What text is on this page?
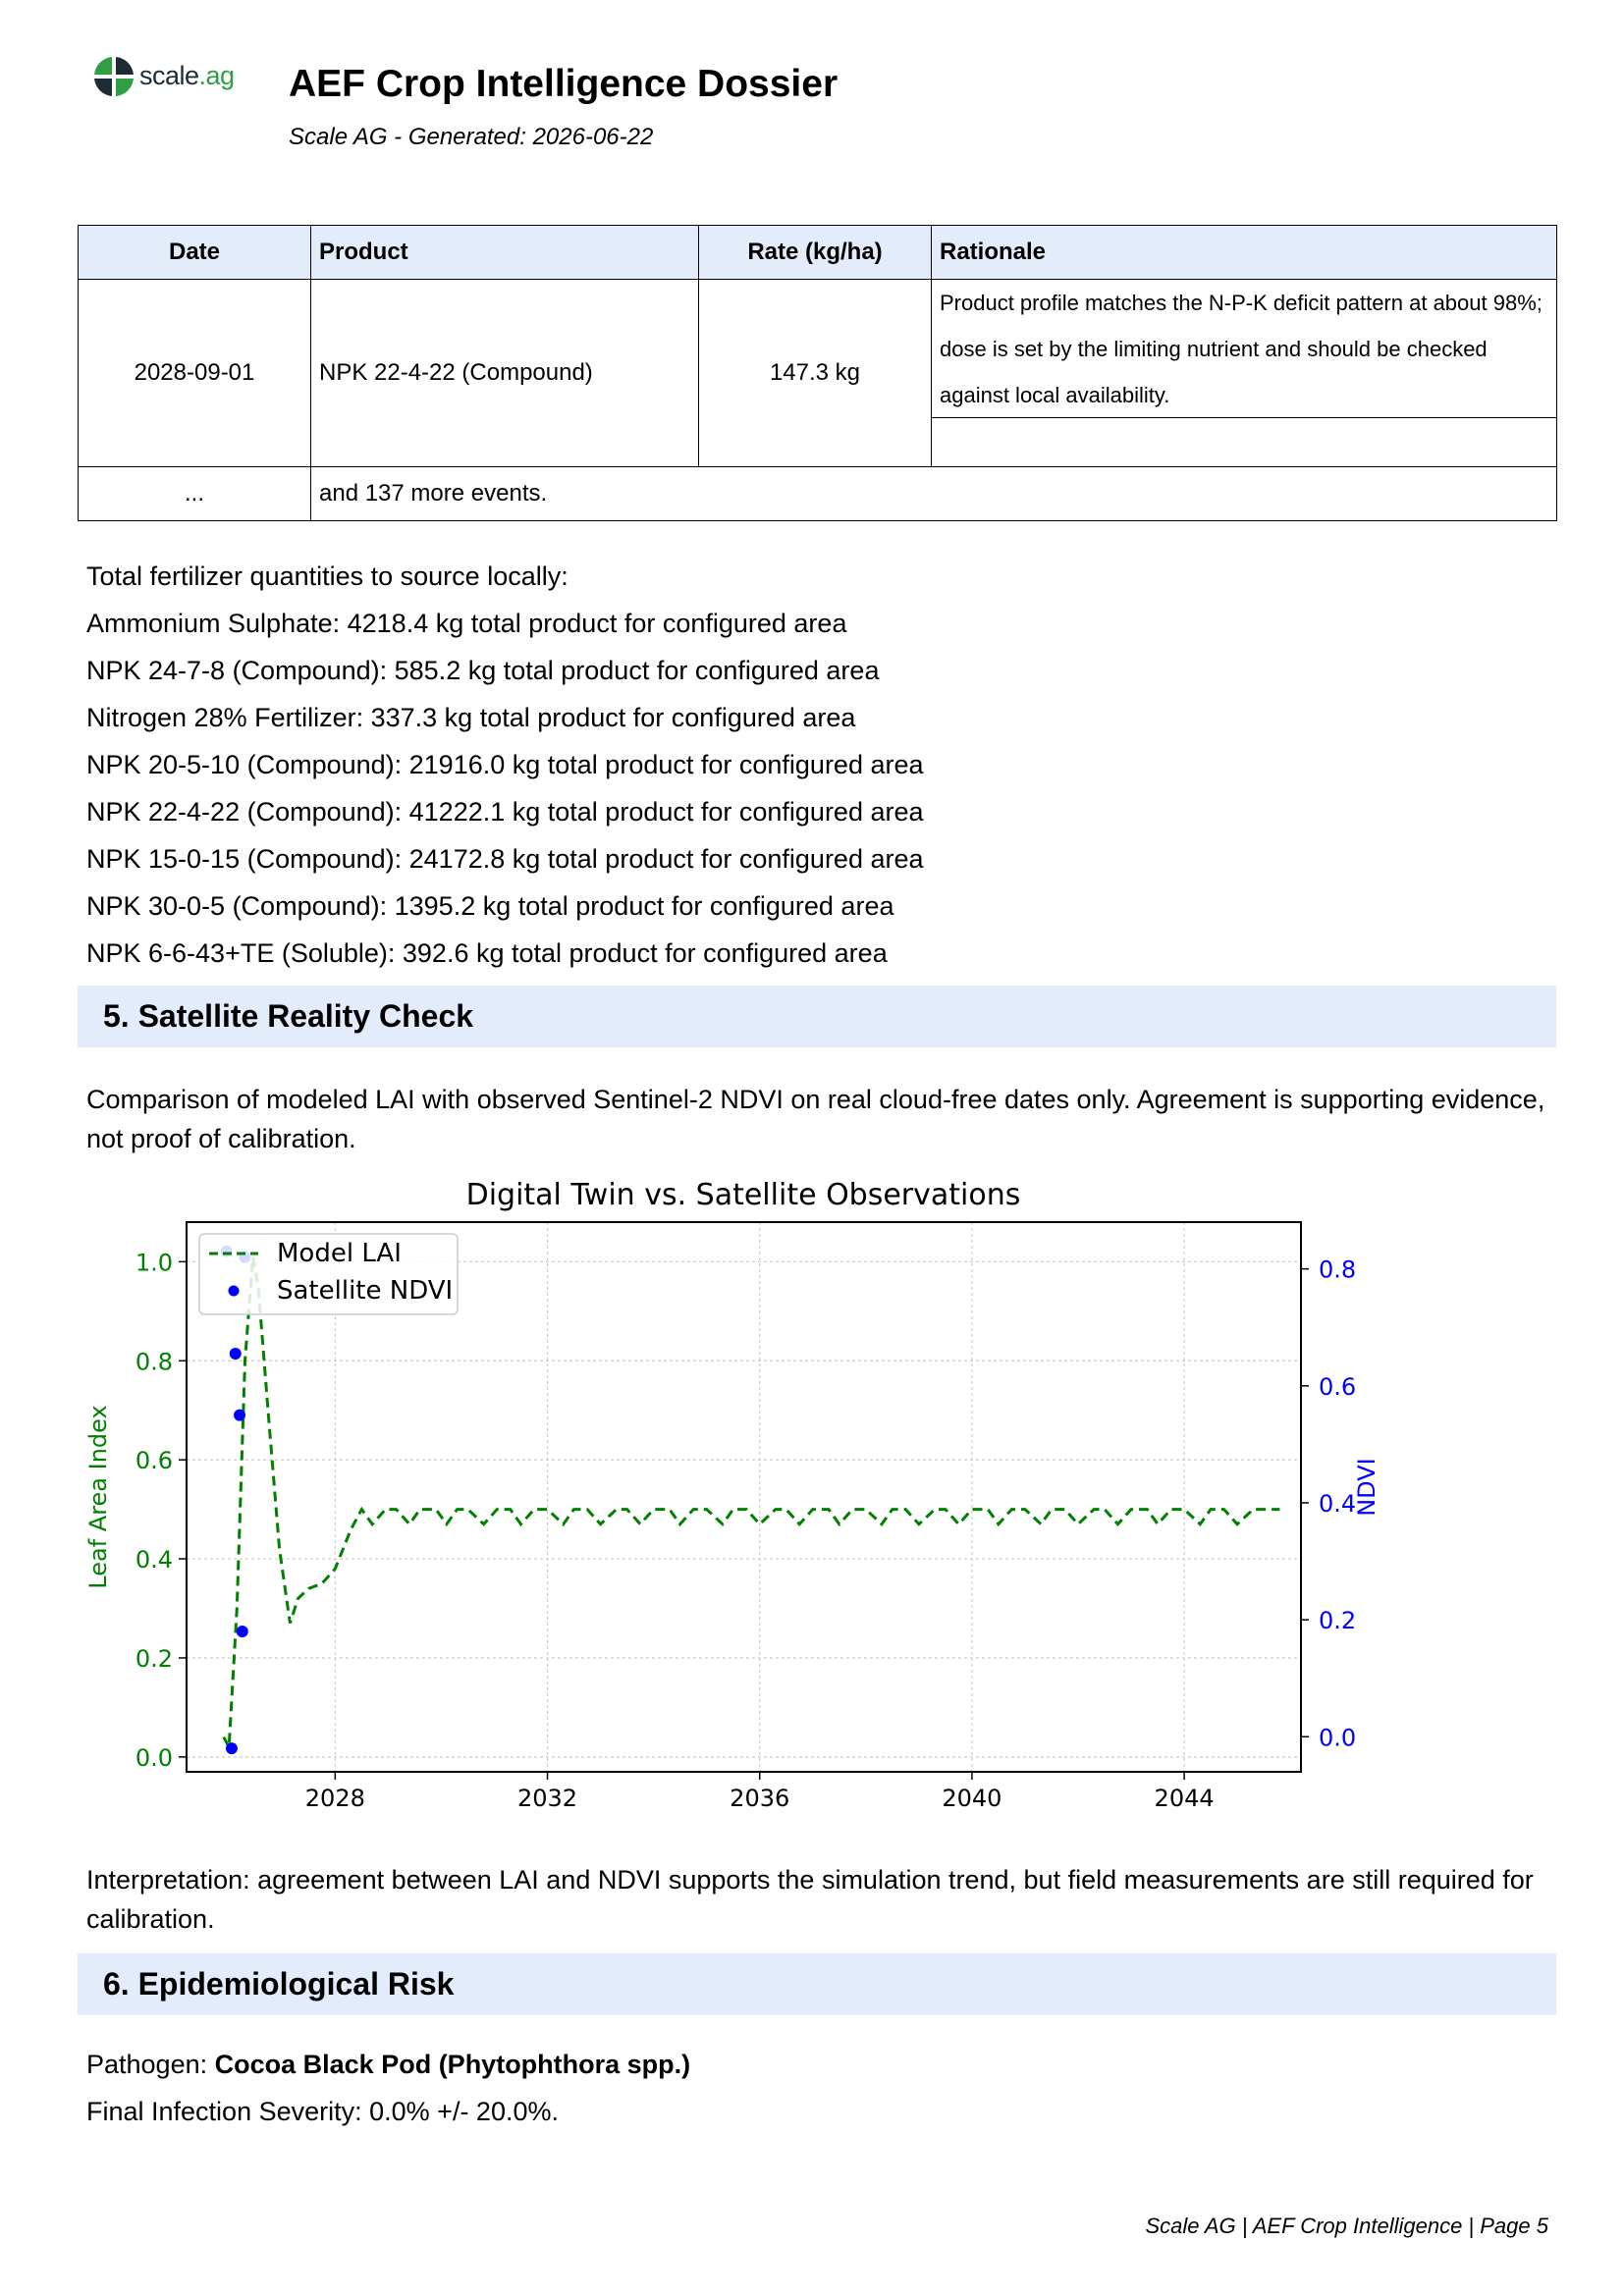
scale.ag AEF Crop Intelligence Dossier
Scale AG - Generated: 2026-06-22
Date	Product	Rate (kg/ha)	Rationale
2028-09-01	NPK 22-4-22 (Compound)	147.3 kg	Product profile matches the N-P-K deficit pattern at about 98%; dose is set by the limiting nutrient and should be checked against local availability.

...	and 137 more events.		
Total fertilizer quantities to source locally:
Ammonium Sulphate: 4218.4 kg total product for configured area
NPK 24-7-8 (Compound): 585.2 kg total product for configured area
Nitrogen 28% Fertilizer: 337.3 kg total product for configured area
NPK 20-5-10 (Compound): 21916.0 kg total product for configured area
NPK 22-4-22 (Compound): 41222.1 kg total product for configured area
NPK 15-0-15 (Compound): 24172.8 kg total product for configured area
NPK 30-0-5 (Compound): 1395.2 kg total product for configured area
NPK 6-6-43+TE (Soluble): 392.6 kg total product for configured area
5. Satellite Reality Check

Comparison of modeled LAI with observed Sentinel-2 NDVI on real cloud-free dates only. Agreement is supporting evidence, not proof of calibration.

Digital Twin vs. Satellite Observations
2028	2032	2036	2040	2044
0.0
0.2
0.4
0.6
0.8
1.0
0.0
0.2
0.4
0.6
0.8
Leaf Area Index	NDVI
Model LAI
Satellite NDVI

Interpretation: agreement between LAI and NDVI supports the simulation trend, but field measurements are still required for calibration.

6. Epidemiological Risk
Pathogen: Cocoa Black Pod (Phytophthora spp.)
Final Infection Severity: 0.0% +/- 20.0%.
Scale AG | AEF Crop Intelligence | Page 5
